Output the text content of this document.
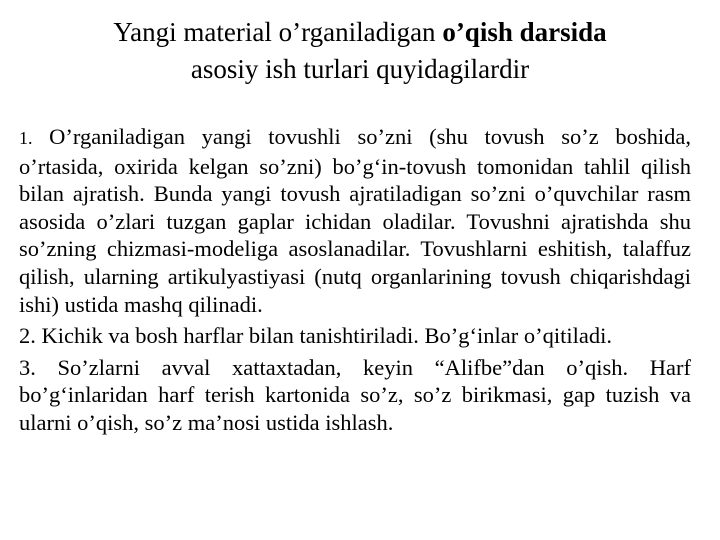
Yangi material o’rganiladigan o’qish darsida
asosiy ish turlari quyidagilardir

1. O’rganiladigan yangi tovushli so’zni (shu tovush so’z boshida, o’rtasida, oxirida kelgan so’zni) bo’g‘in-tovush tomonidan tahlil qilish bilan ajratish. Bunda yangi tovush ajratiladigan so’zni o’quvchilar rasm asosida o’zlari tuzgan gaplar ichidan oladilar. Tovushni ajratishda shu so’zning chizmasi-modeliga asoslanadilar. Tovushlarni eshitish, talaffuz qilish, ularning artikulyastiyasi (nutq organlarining tovush chiqarishdagi ishi) ustida mashq qilinadi.

2. Kichik va bosh harflar bilan tanishtiriladi. Bo’g‘inlar o’qitiladi.

3. So’zlarni avval xattaxtadan, keyin “Alifbe”dan o’qish. Harf bo’g‘inlaridan harf terish kartonida so’z, so’z birikmasi, gap tuzish va ularni o’qish, so’z ma’nosi ustida ishlash.
